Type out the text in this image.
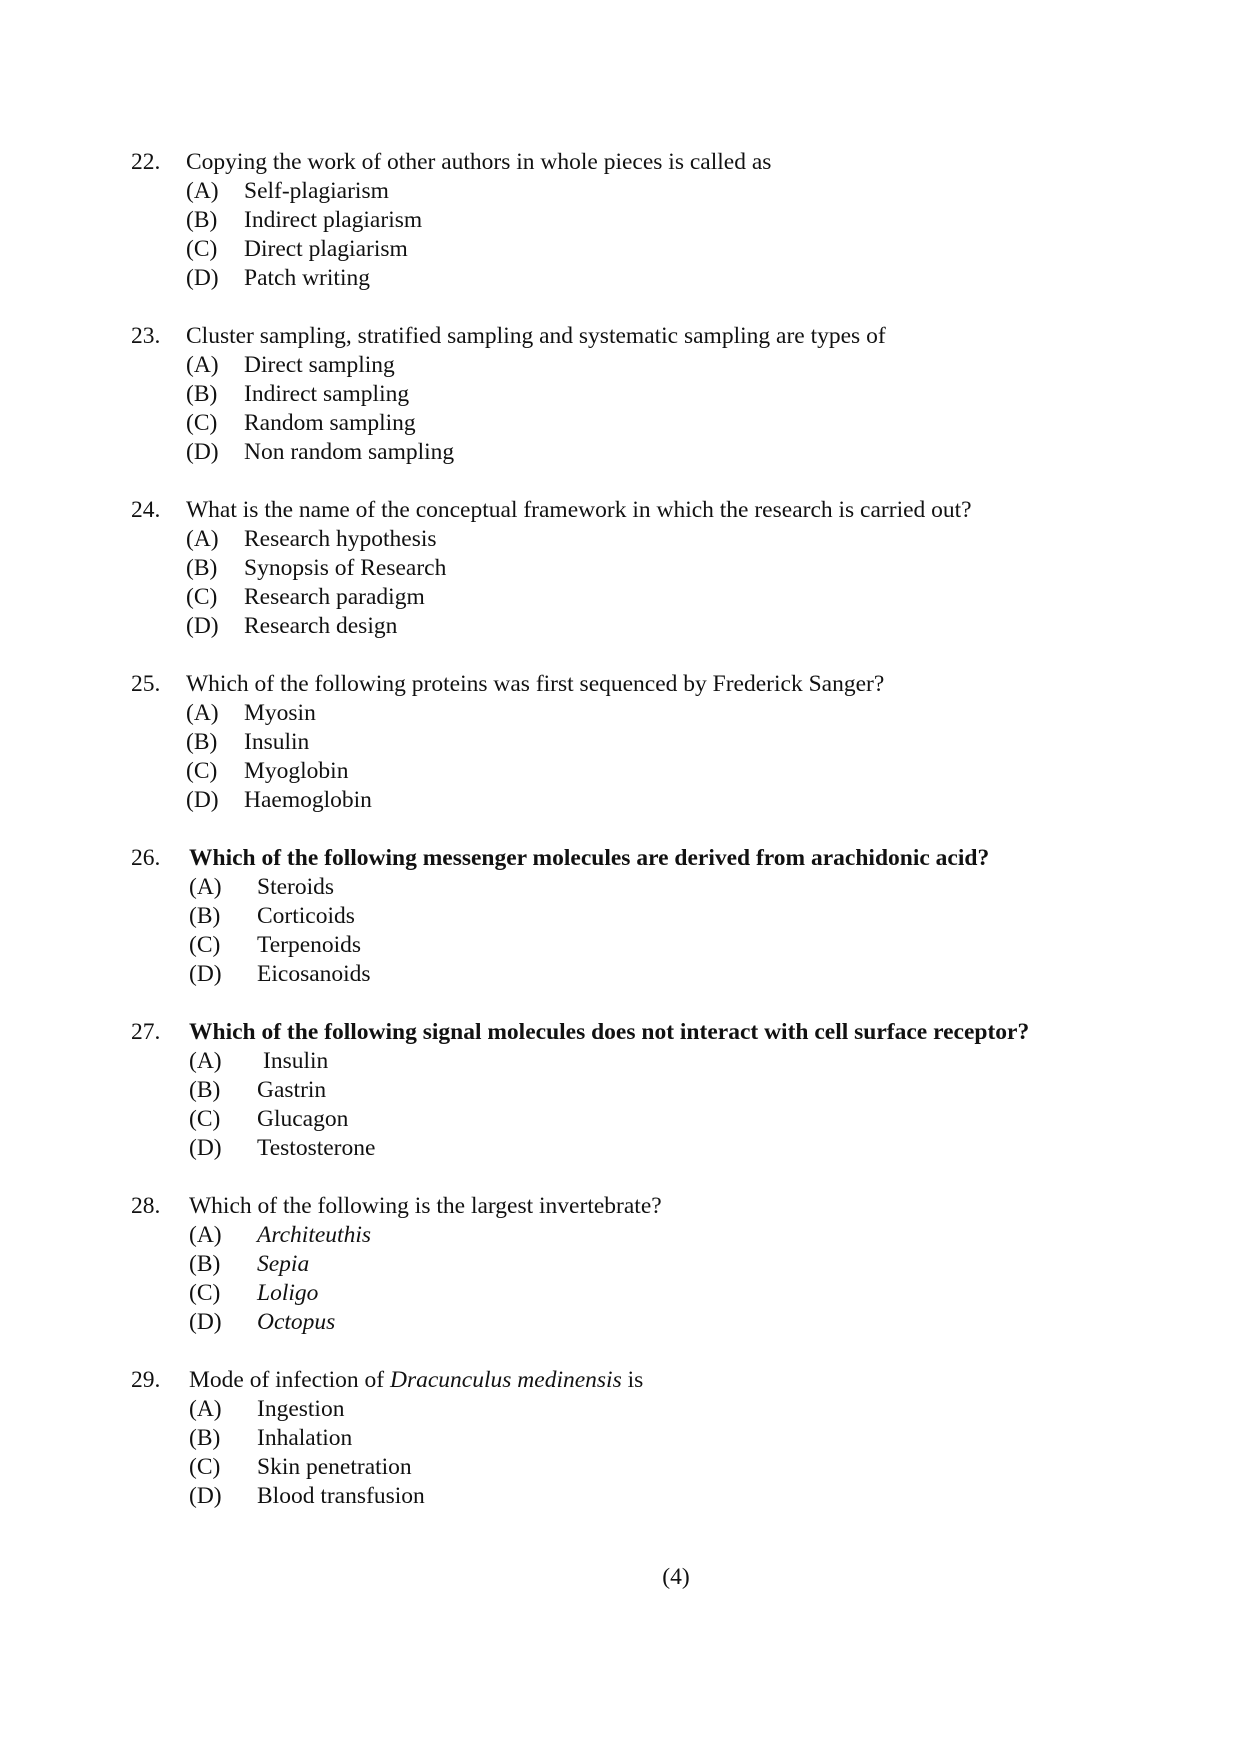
22.	Copying the work of other authors in whole pieces is called as
(A)	Self-plagiarism
(B)	Indirect plagiarism
(C)	Direct plagiarism
(D)	Patch writing
23.	Cluster sampling, stratified sampling and systematic sampling are types of
(A)	Direct sampling
(B)	Indirect sampling
(C)	Random sampling
(D)	Non random sampling
24.	What is the name of the conceptual framework in which the research is carried out?
(A)	Research hypothesis
(B)	Synopsis of Research
(C)	Research paradigm
(D)	Research design
25.	Which of the following proteins was first sequenced by Frederick Sanger?
(A)	Myosin
(B)	Insulin
(C)	Myoglobin
(D)	Haemoglobin
26.	Which of the following messenger molecules are derived from arachidonic acid?
(A)	Steroids
(B)	Corticoids
(C)	Terpenoids
(D)	Eicosanoids
27.	Which of the following signal molecules does not interact with cell surface receptor?
(A)	Insulin
(B)	Gastrin
(C)	Glucagon
(D)	Testosterone
28.	Which of the following is the largest invertebrate?
(A)	Architeuthis
(B)	Sepia
(C)	Loligo
(D)	Octopus
29.	Mode of infection of Dracunculus medinensis is
(A)	Ingestion
(B)	Inhalation
(C)	Skin penetration
(D)	Blood transfusion
(4)
